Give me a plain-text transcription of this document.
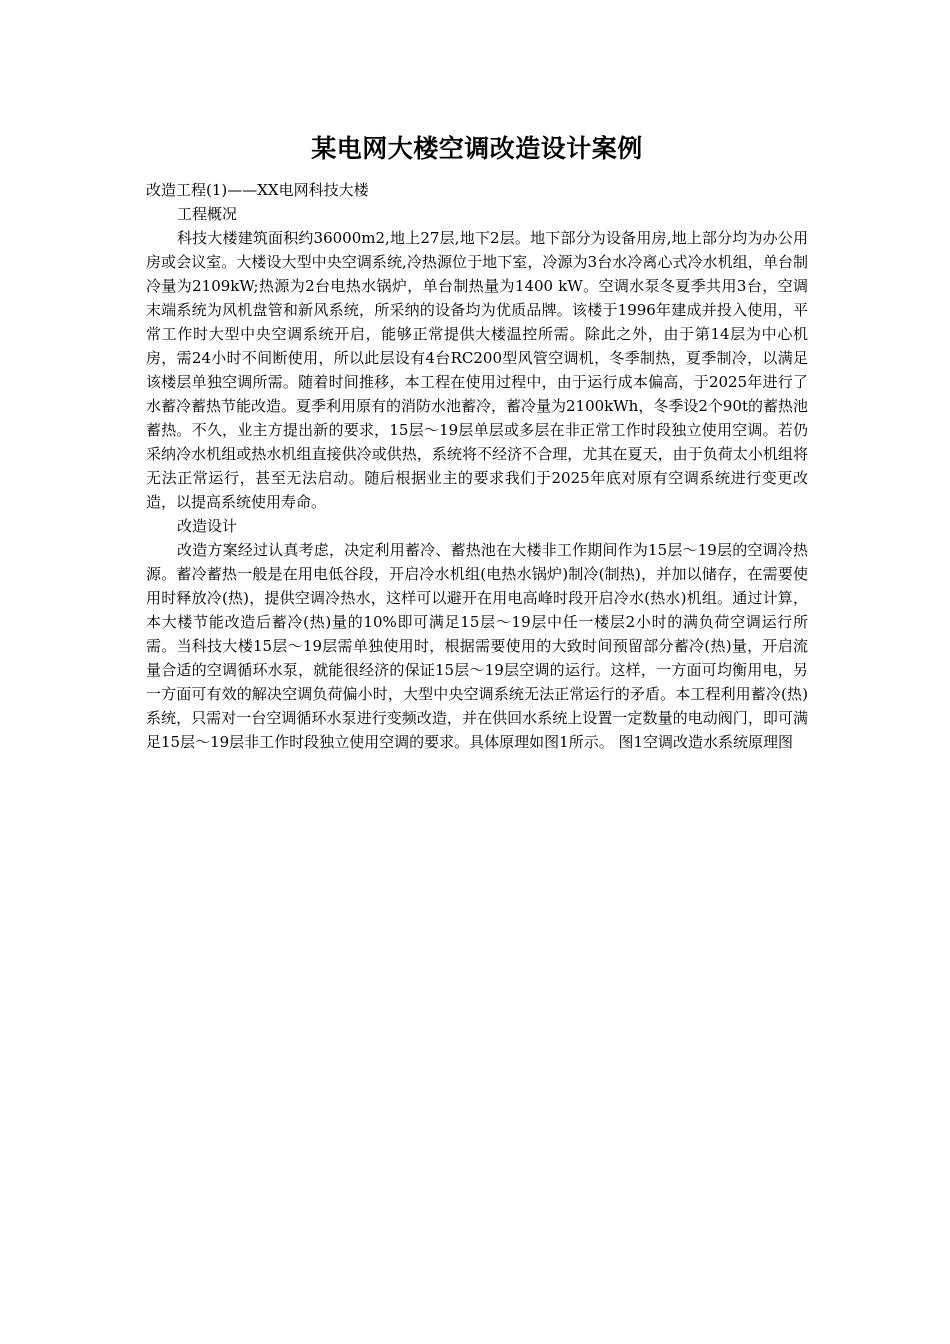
某电网大楼空调改造设计案例

改造工程(1)——XX电网科技大楼

工程概况

科技大楼建筑面积约36000m2,地上27层,地下2层。地下部分为设备用房,地上部分均为办公用房或会议室。大楼设大型中央空调系统,冷热源位于地下室，冷源为3台水冷离心式冷水机组，单台制冷量为2109kW;热源为2台电热水锅炉，单台制热量为1400 kW。空调水泵冬夏季共用3台，空调末端系统为风机盘管和新风系统，所采纳的设备均为优质品牌。该楼于1996年建成并投入使用，平常工作时大型中央空调系统开启，能够正常提供大楼温控所需。除此之外，由于第14层为中心机房，需24小时不间断使用，所以此层设有4台RC200型风管空调机，冬季制热，夏季制冷，以满足该楼层单独空调所需。随着时间推移，本工程在使用过程中，由于运行成本偏高，于2025年进行了水蓄冷蓄热节能改造。夏季利用原有的消防水池蓄冷，蓄冷量为2100kWh，冬季设2个90t的蓄热池蓄热。不久，业主方提出新的要求，15层～19层单层或多层在非正常工作时段独立使用空调。若仍采纳冷水机组或热水机组直接供冷或供热，系统将不经济不合理，尤其在夏天，由于负荷太小机组将无法正常运行，甚至无法启动。随后根据业主的要求我们于2025年底对原有空调系统进行变更改造，以提高系统使用寿命。

改造设计

改造方案经过认真考虑，决定利用蓄冷、蓄热池在大楼非工作期间作为15层～19层的空调冷热源。蓄冷蓄热一般是在用电低谷段，开启冷水机组(电热水锅炉)制冷(制热)，并加以储存，在需要使用时释放冷(热)，提供空调冷热水，这样可以避开在用电高峰时段开启冷水(热水)机组。通过计算，本大楼节能改造后蓄冷(热)量的10%即可满足15层～19层中任一楼层2小时的满负荷空调运行所需。当科技大楼15层～19层需单独使用时，根据需要使用的大致时间预留部分蓄冷(热)量，开启流量合适的空调循环水泵，就能很经济的保证15层～19层空调的运行。这样，一方面可均衡用电，另一方面可有效的解决空调负荷偏小时，大型中央空调系统无法正常运行的矛盾。本工程利用蓄冷(热)系统，只需对一台空调循环水泵进行变频改造，并在供回水系统上设置一定数量的电动阀门，即可满足15层～19层非工作时段独立使用空调的要求。具体原理如图1所示。 图1空调改造水系统原理图
